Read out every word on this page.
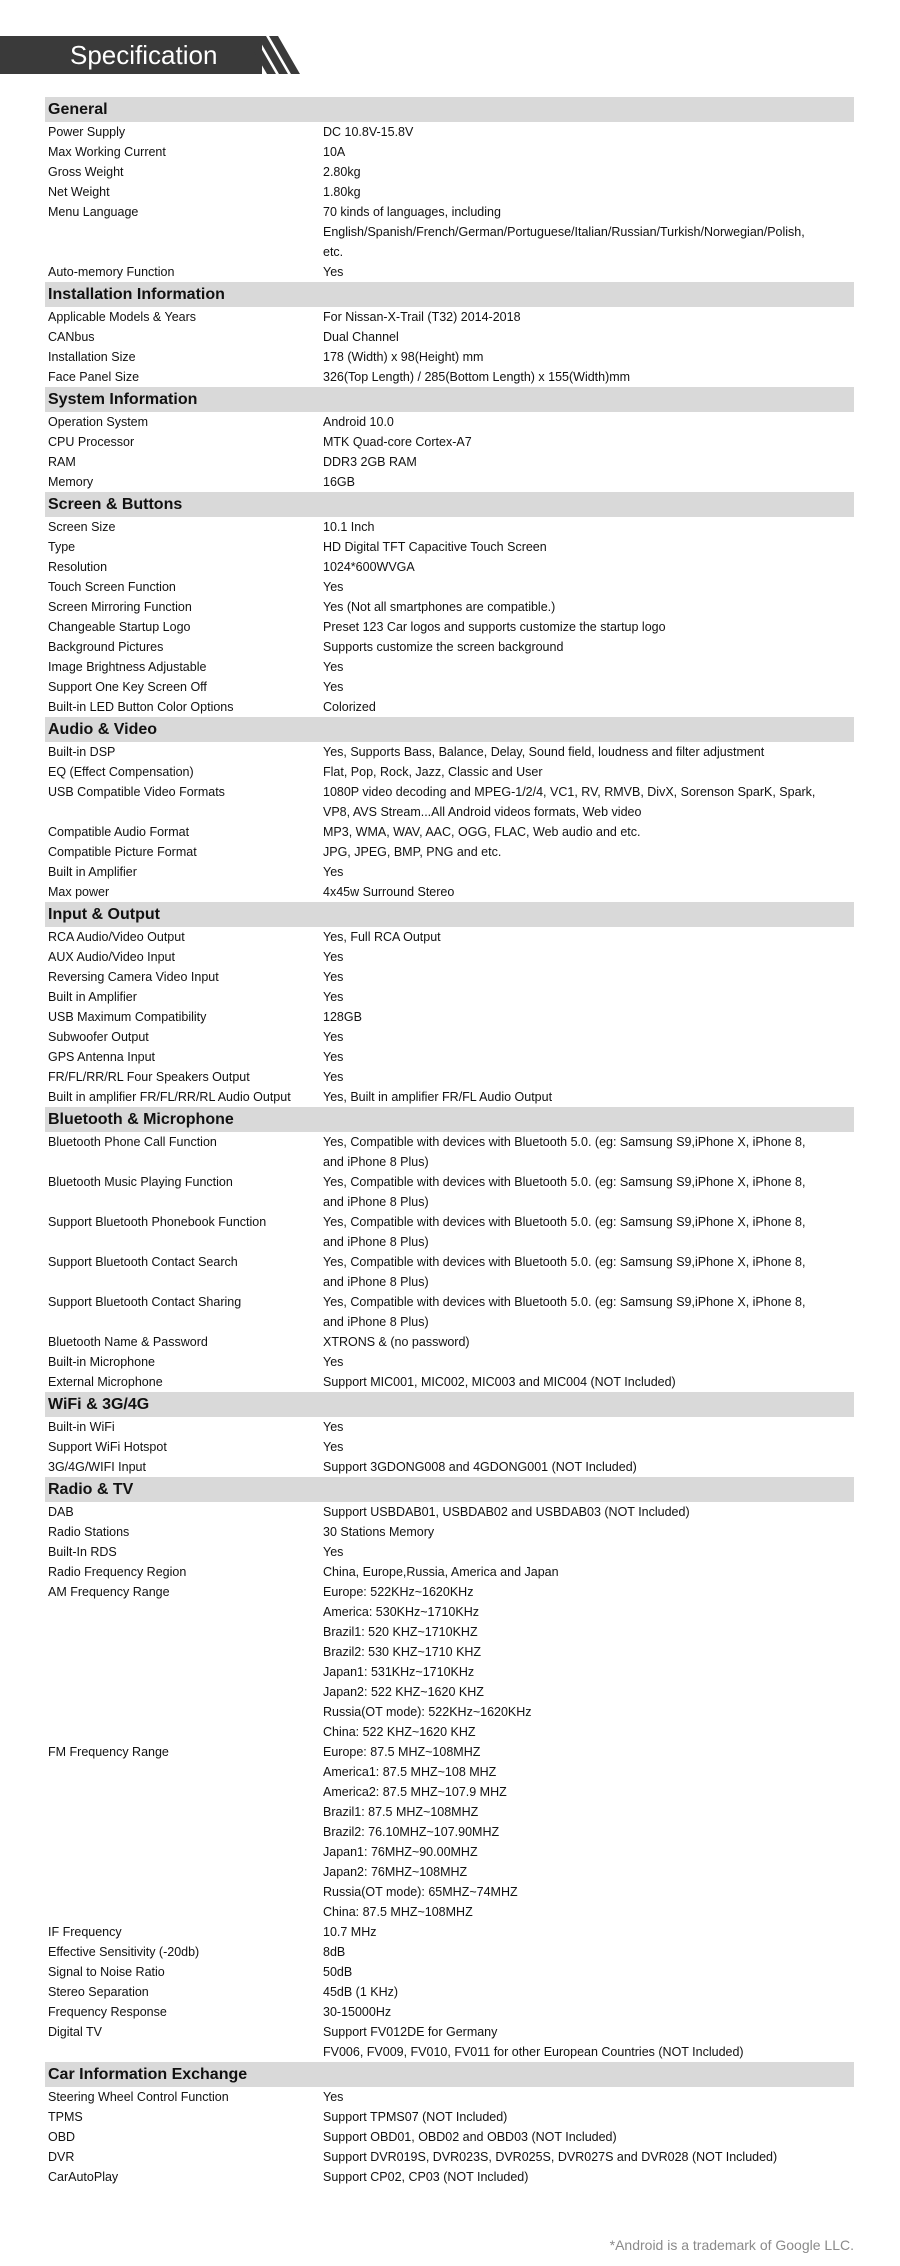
Specification
General
Power Supply	DC 10.8V-15.8V
Max Working Current	10A
Gross Weight	2.80kg
Net Weight	1.80kg
Menu Language	70 kinds of languages, including
English/Spanish/French/German/Portuguese/Italian/Russian/Turkish/Norwegian/Polish,
etc.
Auto-memory Function	Yes
Installation Information
Applicable Models & Years	For Nissan-X-Trail (T32) 2014-2018
CANbus	Dual Channel
Installation Size	178 (Width) x 98(Height) mm
Face Panel Size	326(Top Length) / 285(Bottom Length) x 155(Width)mm
System Information
Operation System	Android 10.0
CPU Processor	MTK Quad-core Cortex-A7
RAM	DDR3 2GB RAM
Memory	16GB
Screen & Buttons
Screen Size	10.1 Inch
Type	HD Digital TFT Capacitive Touch Screen
Resolution	1024*600WVGA
Touch Screen Function	Yes
Screen Mirroring Function	Yes (Not all smartphones are compatible.)
Changeable Startup Logo	Preset 123 Car logos and supports customize the startup logo
Background Pictures	Supports customize the screen background
Image Brightness Adjustable	Yes
Support One Key Screen Off	Yes
Built-in LED Button Color Options	Colorized
Audio & Video
Built-in DSP	Yes, Supports Bass, Balance, Delay, Sound field, loudness and filter adjustment
EQ (Effect Compensation)	Flat, Pop, Rock, Jazz, Classic and User
USB Compatible Video Formats	1080P video decoding and MPEG-1/2/4, VC1, RV, RMVB, DivX, Sorenson SparK, Spark,
VP8, AVS Stream...All Android videos formats, Web video
Compatible Audio Format	MP3, WMA, WAV, AAC, OGG, FLAC, Web audio and etc.
Compatible Picture Format	JPG, JPEG, BMP, PNG and etc.
Built in Amplifier	Yes
Max power	4x45w Surround Stereo
Input & Output
RCA Audio/Video Output	Yes, Full RCA Output
AUX Audio/Video Input	Yes
Reversing Camera Video Input	Yes
Built in Amplifier	Yes
USB Maximum Compatibility	128GB
Subwoofer Output	Yes
GPS Antenna Input	Yes
FR/FL/RR/RL Four Speakers Output	Yes
Built in amplifier FR/FL/RR/RL Audio Output	Yes, Built in amplifier FR/FL Audio Output
Bluetooth & Microphone
Bluetooth Phone Call Function	Yes, Compatible with devices with Bluetooth 5.0. (eg: Samsung S9,iPhone X, iPhone 8,
and iPhone 8 Plus)
Bluetooth Music Playing Function	Yes, Compatible with devices with Bluetooth 5.0. (eg: Samsung S9,iPhone X, iPhone 8,
and iPhone 8 Plus)
Support Bluetooth Phonebook Function	Yes, Compatible with devices with Bluetooth 5.0. (eg: Samsung S9,iPhone X, iPhone 8,
and iPhone 8 Plus)
Support Bluetooth Contact Search	Yes, Compatible with devices with Bluetooth 5.0. (eg: Samsung S9,iPhone X, iPhone 8,
and iPhone 8 Plus)
Support Bluetooth Contact Sharing	Yes, Compatible with devices with Bluetooth 5.0. (eg: Samsung S9,iPhone X, iPhone 8,
and iPhone 8 Plus)
Bluetooth Name & Password	XTRONS & (no password)
Built-in Microphone	Yes
External Microphone	Support MIC001, MIC002, MIC003 and MIC004 (NOT Included)
WiFi & 3G/4G
Built-in WiFi	Yes
Support WiFi Hotspot	Yes
3G/4G/WIFI Input	Support 3GDONG008 and 4GDONG001 (NOT Included)
Radio & TV
DAB	Support USBDAB01, USBDAB02 and USBDAB03 (NOT Included)
Radio Stations	30 Stations Memory
Built-In RDS	Yes
Radio Frequency Region	China, Europe,Russia, America and Japan
AM Frequency Range	Europe: 522KHz~1620KHz
America: 530KHz~1710KHz
Brazil1: 520 KHZ~1710KHZ
Brazil2: 530 KHZ~1710 KHZ
Japan1: 531KHz~1710KHz
Japan2: 522 KHZ~1620 KHZ
Russia(OT mode): 522KHz~1620KHz
China: 522 KHZ~1620 KHZ
FM Frequency Range	Europe: 87.5 MHZ~108MHZ
America1: 87.5 MHZ~108 MHZ
America2: 87.5 MHZ~107.9 MHZ
Brazil1: 87.5 MHZ~108MHZ
Brazil2: 76.10MHZ~107.90MHZ
Japan1: 76MHZ~90.00MHZ
Japan2: 76MHZ~108MHZ
Russia(OT mode): 65MHZ~74MHZ
China: 87.5 MHZ~108MHZ
IF Frequency	10.7 MHz
Effective Sensitivity (-20db)	8dB
Signal to Noise Ratio	50dB
Stereo Separation	45dB (1 KHz)
Frequency Response	30-15000Hz
Digital TV	Support FV012DE for Germany
FV006, FV009, FV010, FV011 for other European Countries (NOT Included)
Car Information Exchange
Steering Wheel Control Function	Yes
TPMS	Support TPMS07 (NOT Included)
OBD	Support OBD01, OBD02 and OBD03 (NOT Included)
DVR	Support DVR019S, DVR023S, DVR025S, DVR027S and DVR028 (NOT Included)
CarAutoPlay	Support CP02, CP03 (NOT Included)
*Android is a trademark of Google LLC.
